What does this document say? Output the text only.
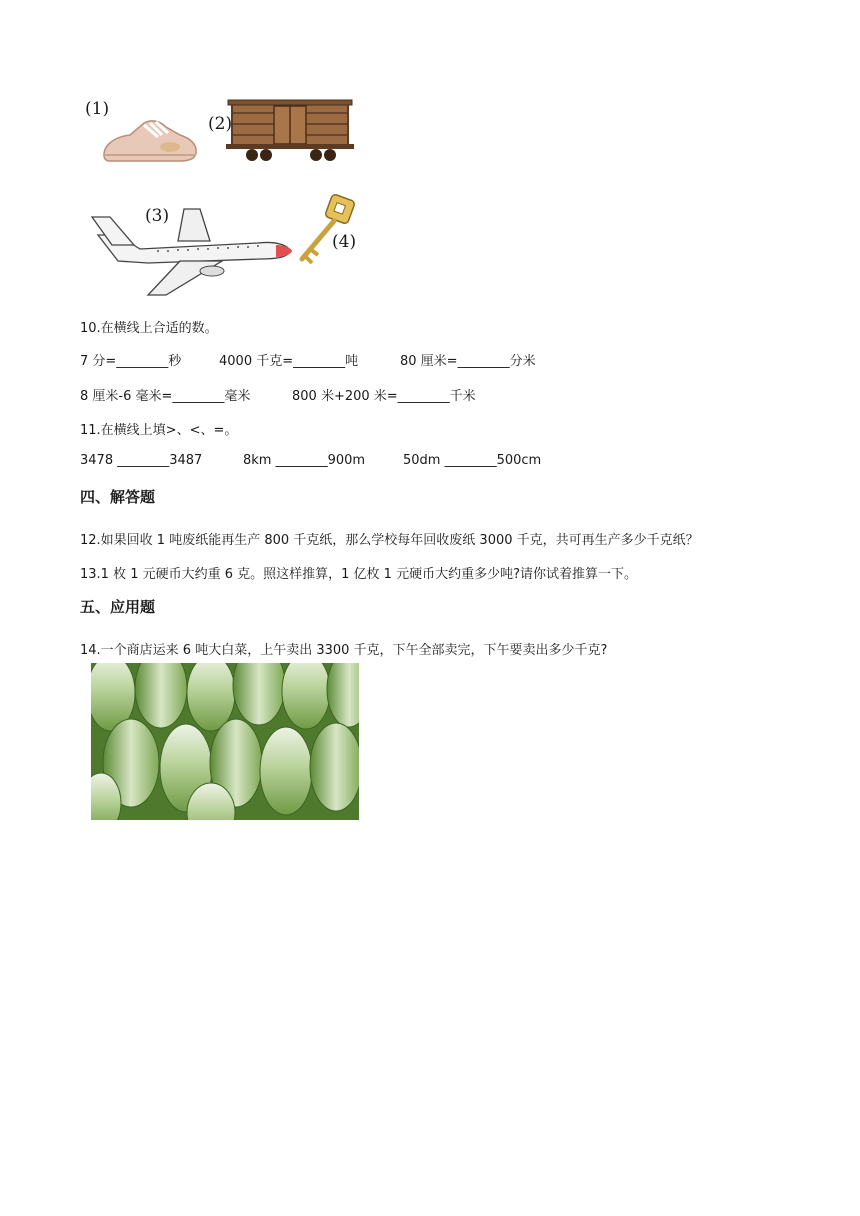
(1)
(2)
(3)
(4)
10.在横线上合适的数。
7 分=________秒	4000 千克=________吨	80 厘米=________分米
8 厘米-6 毫米=________毫米	800 米+200 米=________千米
11.在横线上填>、<、=。
3478 ________3487	8km ________900m	50dm ________500cm
四、解答题
12.如果回收 1 吨废纸能再生产 800 千克纸，那么学校每年回收废纸 3000 千克，共可再生产多少千克纸？
13.1 枚 1 元硬币大约重 6 克。照这样推算，1 亿枚 1 元硬币大约重多少吨?请你试着推算一下。
五、应用题
14.一个商店运来 6 吨大白菜，上午卖出 3300 千克，下午全部卖完，下午要卖出多少千克?
